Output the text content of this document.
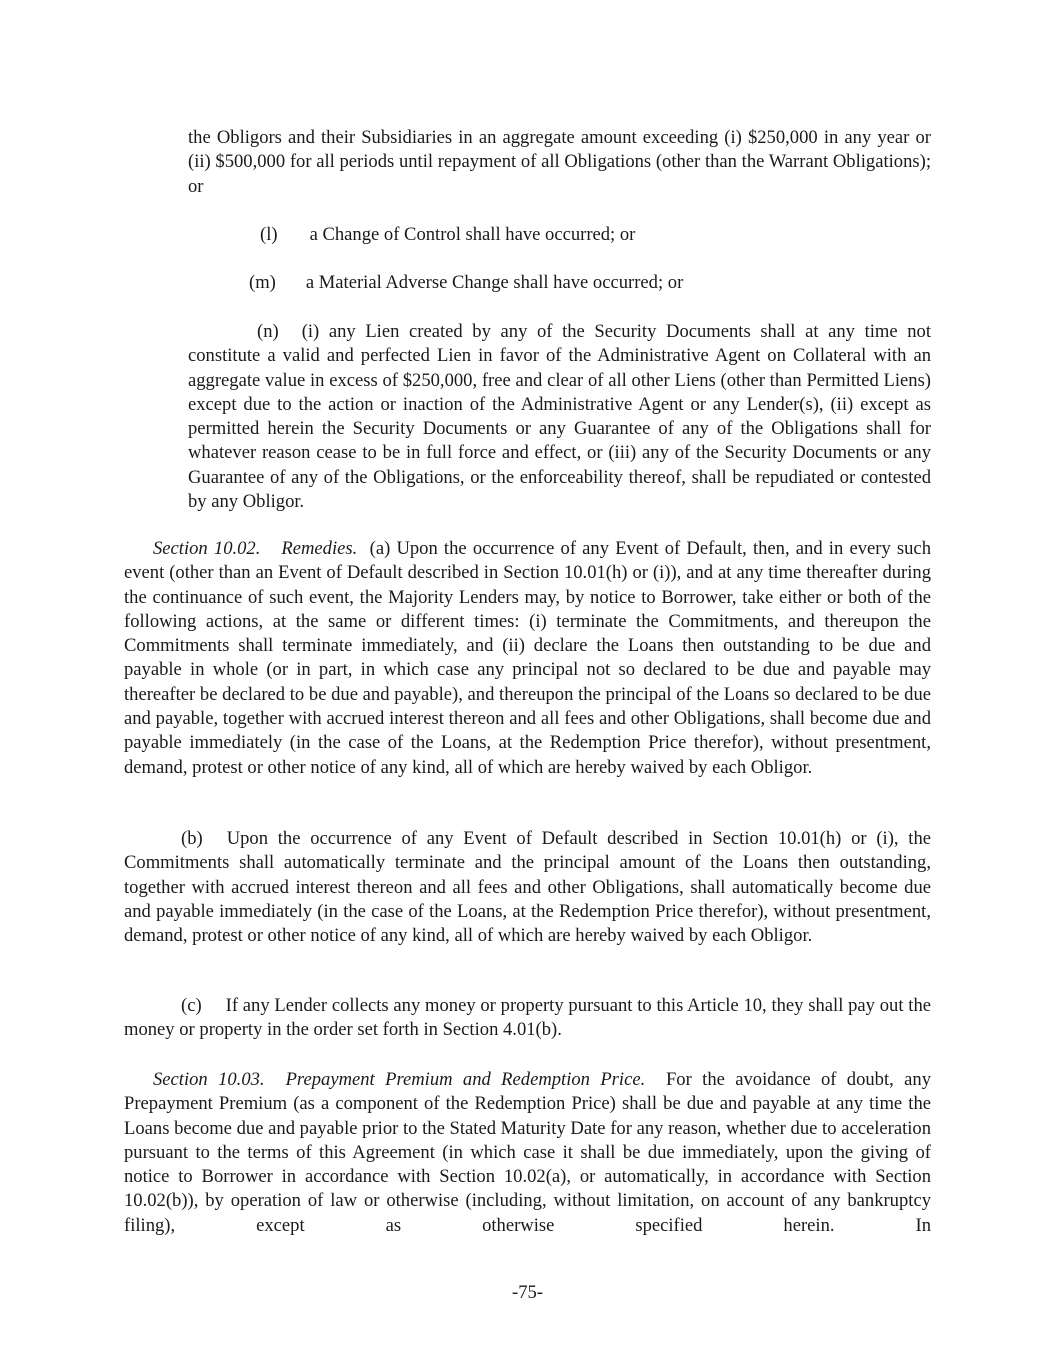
the Obligors and their Subsidiaries in an aggregate amount exceeding (i) $250,000 in any year or (ii) $500,000 for all periods until repayment of all Obligations (other than the Warrant Obligations); or

(l) a Change of Control shall have occurred; or

(m) a Material Adverse Change shall have occurred; or

(n) (i) any Lien created by any of the Security Documents shall at any time not constitute a valid and perfected Lien in favor of the Administrative Agent on Collateral with an aggregate value in excess of $250,000, free and clear of all other Liens (other than Permitted Liens) except due to the action or inaction of the Administrative Agent or any Lender(s), (ii) except as permitted herein the Security Documents or any Guarantee of any of the Obligations shall for whatever reason cease to be in full force and effect, or (iii) any of the Security Documents or any Guarantee of any of the Obligations, or the enforceability thereof, shall be repudiated or contested by any Obligor.

Section 10.02. Remedies. (a) Upon the occurrence of any Event of Default, then, and in every such event (other than an Event of Default described in Section 10.01(h) or (i)), and at any time thereafter during the continuance of such event, the Majority Lenders may, by notice to Borrower, take either or both of the following actions, at the same or different times: (i) terminate the Commitments, and thereupon the Commitments shall terminate immediately, and (ii) declare the Loans then outstanding to be due and payable in whole (or in part, in which case any principal not so declared to be due and payable may thereafter be declared to be due and payable), and thereupon the principal of the Loans so declared to be due and payable, together with accrued interest thereon and all fees and other Obligations, shall become due and payable immediately (in the case of the Loans, at the Redemption Price therefor), without presentment, demand, protest or other notice of any kind, all of which are hereby waived by each Obligor.

(b) Upon the occurrence of any Event of Default described in Section 10.01(h) or (i), the Commitments shall automatically terminate and the principal amount of the Loans then outstanding, together with accrued interest thereon and all fees and other Obligations, shall automatically become due and payable immediately (in the case of the Loans, at the Redemption Price therefor), without presentment, demand, protest or other notice of any kind, all of which are hereby waived by each Obligor.

(c) If any Lender collects any money or property pursuant to this Article 10, they shall pay out the money or property in the order set forth in Section 4.01(b).

Section 10.03. Prepayment Premium and Redemption Price. For the avoidance of doubt, any Prepayment Premium (as a component of the Redemption Price) shall be due and payable at any time the Loans become due and payable prior to the Stated Maturity Date for any reason, whether due to acceleration pursuant to the terms of this Agreement (in which case it shall be due immediately, upon the giving of notice to Borrower in accordance with Section 10.02(a), or automatically, in accordance with Section 10.02(b)), by operation of law or otherwise (including, without limitation, on account of any bankruptcy filing), except as otherwise specified herein. In

-75-
